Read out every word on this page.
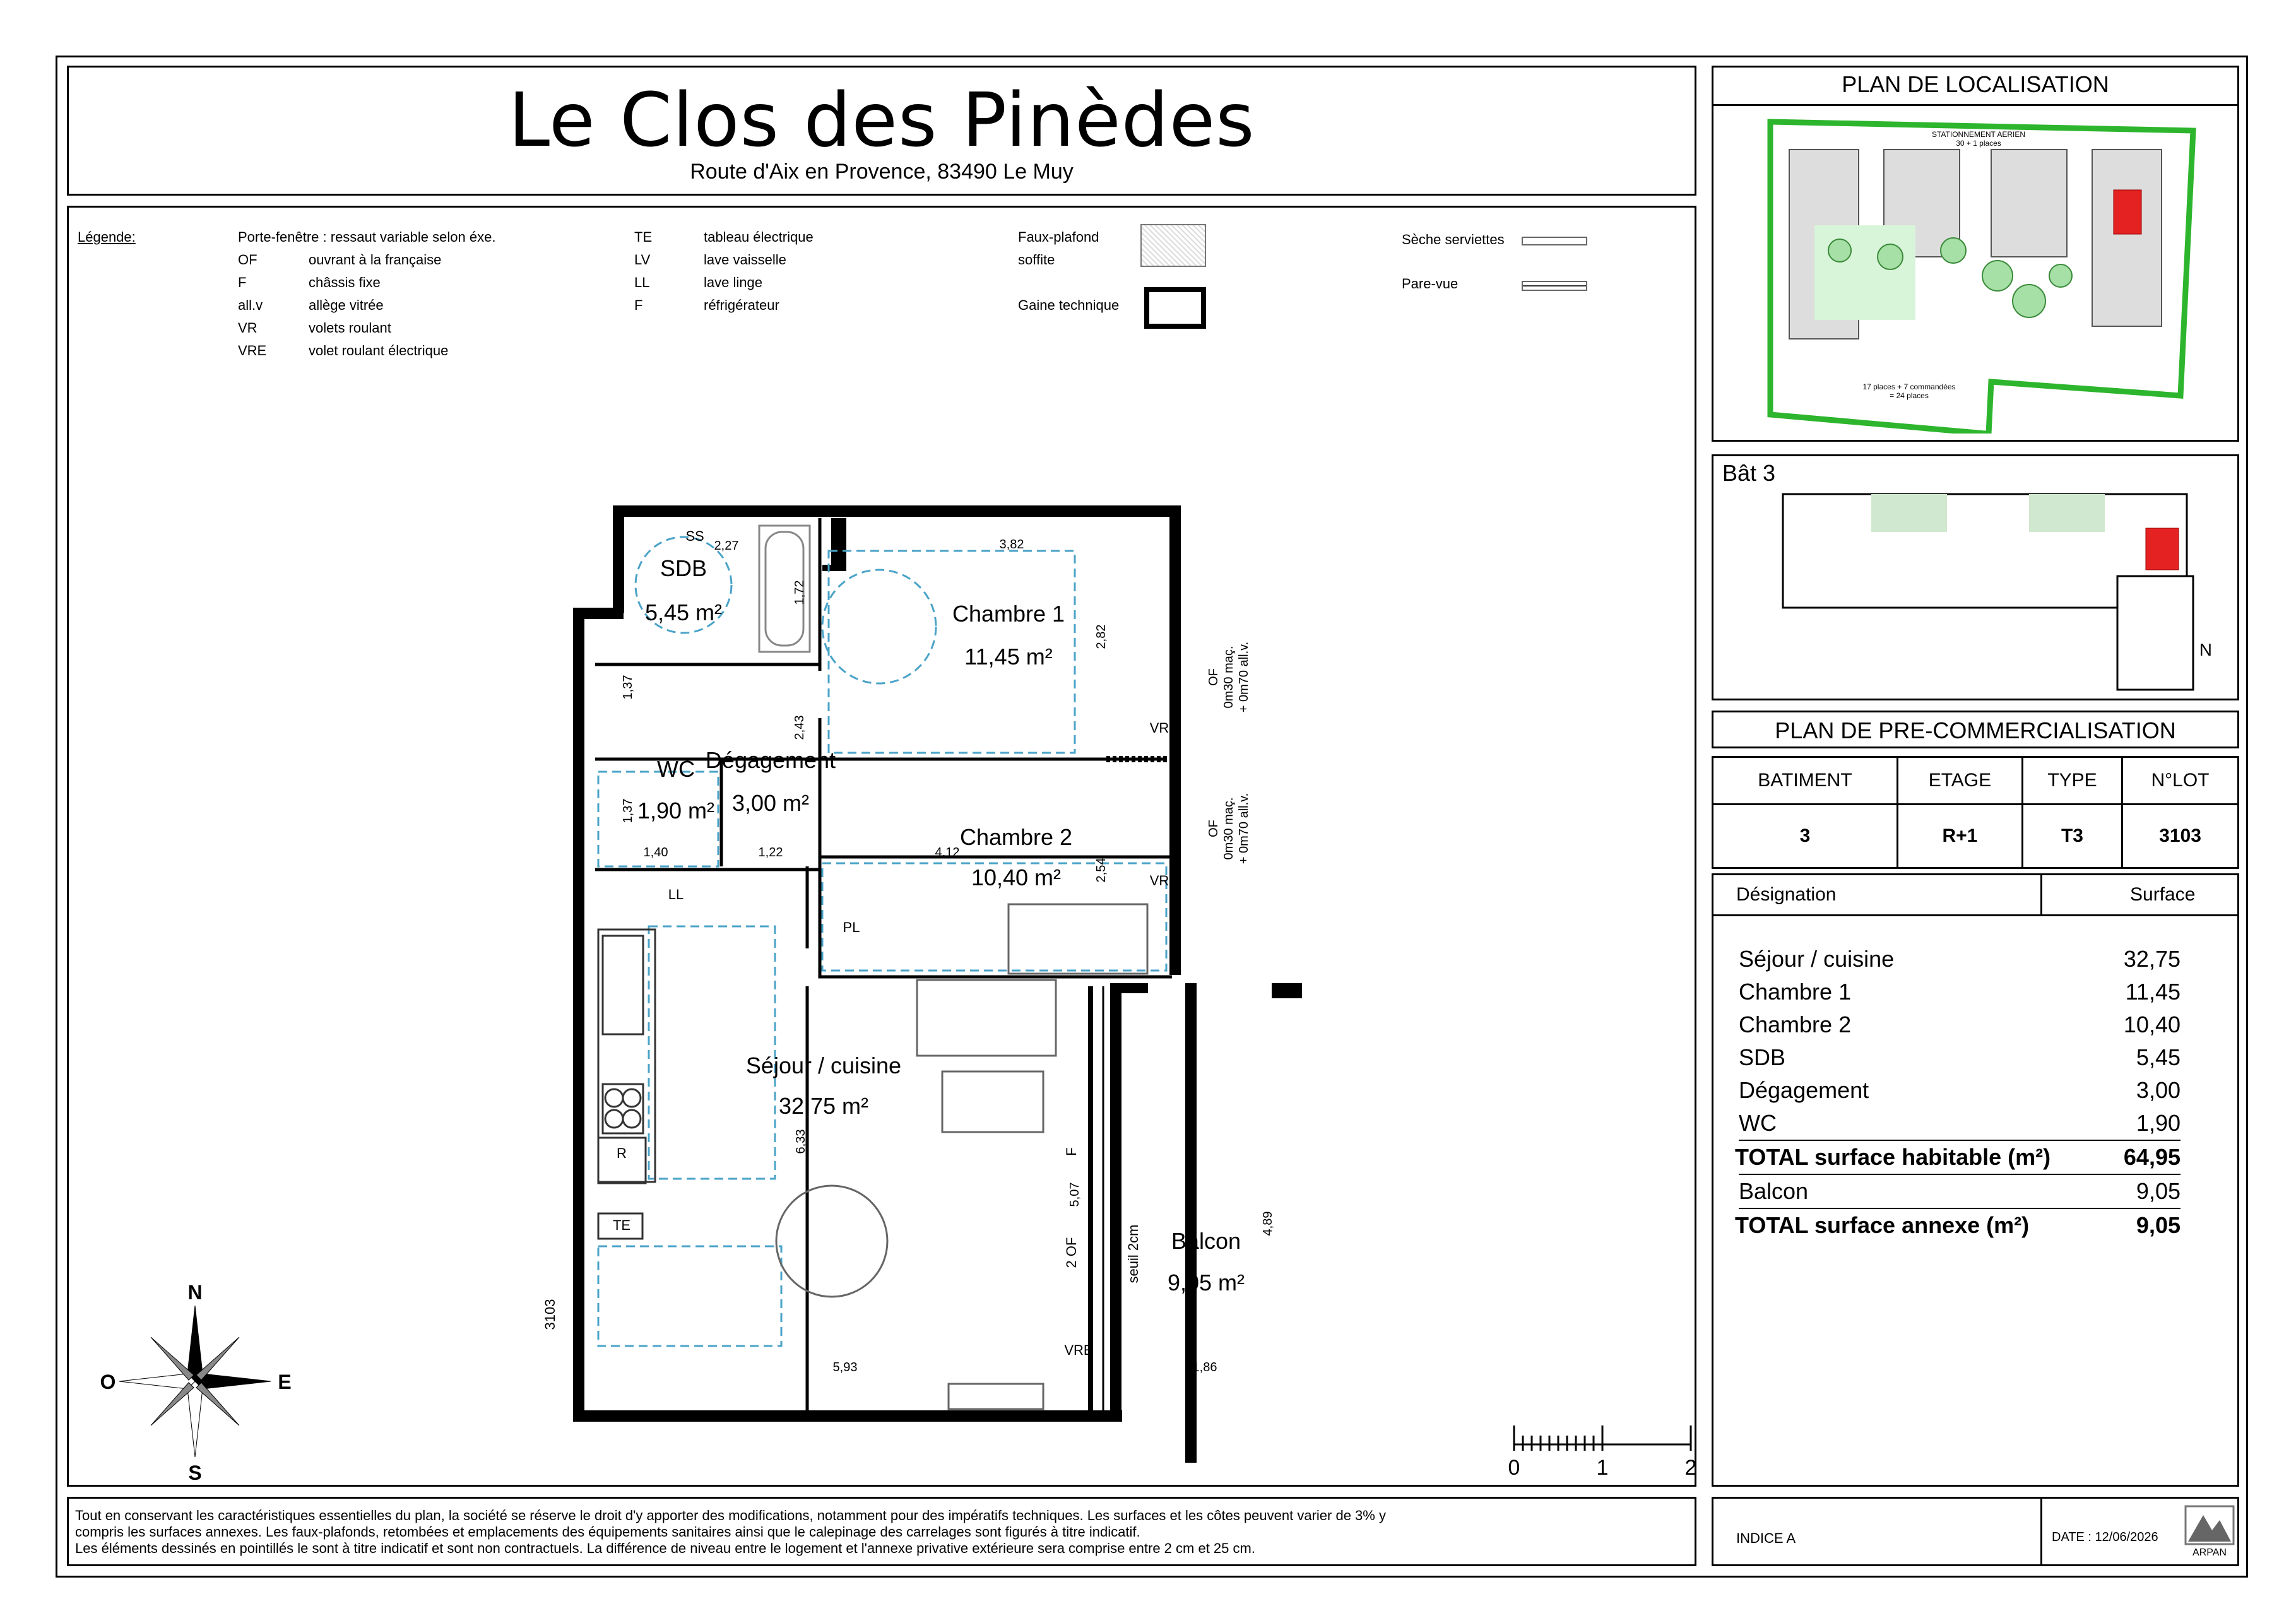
Le Clos des Pinèdes
Route d'Aix en Provence, 83490 Le Muy
Légende:	Porte-fenêtre : ressaut variable selon éxe.
OF	ouvrant à la française
F	châssis fixe
all.v	allège vitrée
VR	volets roulant
VRE	volet roulant électrique
TE	tableau électrique
LV	lave vaisselle
LL	lave linge
F	réfrigérateur
Faux-plafond
soffite
Gaine technique
Sèche serviettes
Pare-vue
SDB
5,45 m²	Chambre 1
11,45 m²
WC
1,90 m²
Dégagement
3,00 m²
Chambre 2
10,40 m²
Séjour / cuisine
32,75 m²
Balcon
9,05 m²
2,27
1,72
3,82
2,82
1,37
2,43
1,37
1,40	1,22	4,12
2,54
6,33
5,07
4,89
5,93	1,86
SS
LL
PL
R
TE
VR
VR
VRE
F
2 OF	seuil 2cm
3103
OF 0m30 maç. + 0m70 all.v.
OF 0m30 maç. + 0m70 all.v.
N
S
E
O
0	1	2
PLAN DE LOCALISATION
STATIONNEMENT AERIEN
30 + 1 places
17 places + 7 commandées
= 24 places
Bât 3
N
PLAN DE PRE-COMMERCIALISATION
BATIMENT	ETAGE	TYPE	N°LOT
3	R+1	T3	3103
Désignation	Surface
Séjour / cuisine	32,75
Chambre 1	11,45
Chambre 2	10,40
SDB	5,45
Dégagement	3,00
WC	1,90
TOTAL surface habitable (m²)	64,95
Balcon	9,05
TOTAL surface annexe (m²)	9,05
Tout en conservant les caractéristiques essentielles du plan, la société se réserve le droit d'y apporter des modifications, notamment pour des impératifs techniques. Les surfaces et les côtes peuvent varier de 3% y
compris les surfaces annexes. Les faux-plafonds, retombées et emplacements des équipements sanitaires ainsi que le calepinage des carrelages sont figurés à titre indicatif.
Les éléments dessinés en pointillés le sont à titre indicatif et sont non contractuels. La différence de niveau entre le logement et l'annexe privative extérieure sera comprise entre 2 cm et 25 cm.
INDICE A	DATE : 12/06/2026
ARPAN
